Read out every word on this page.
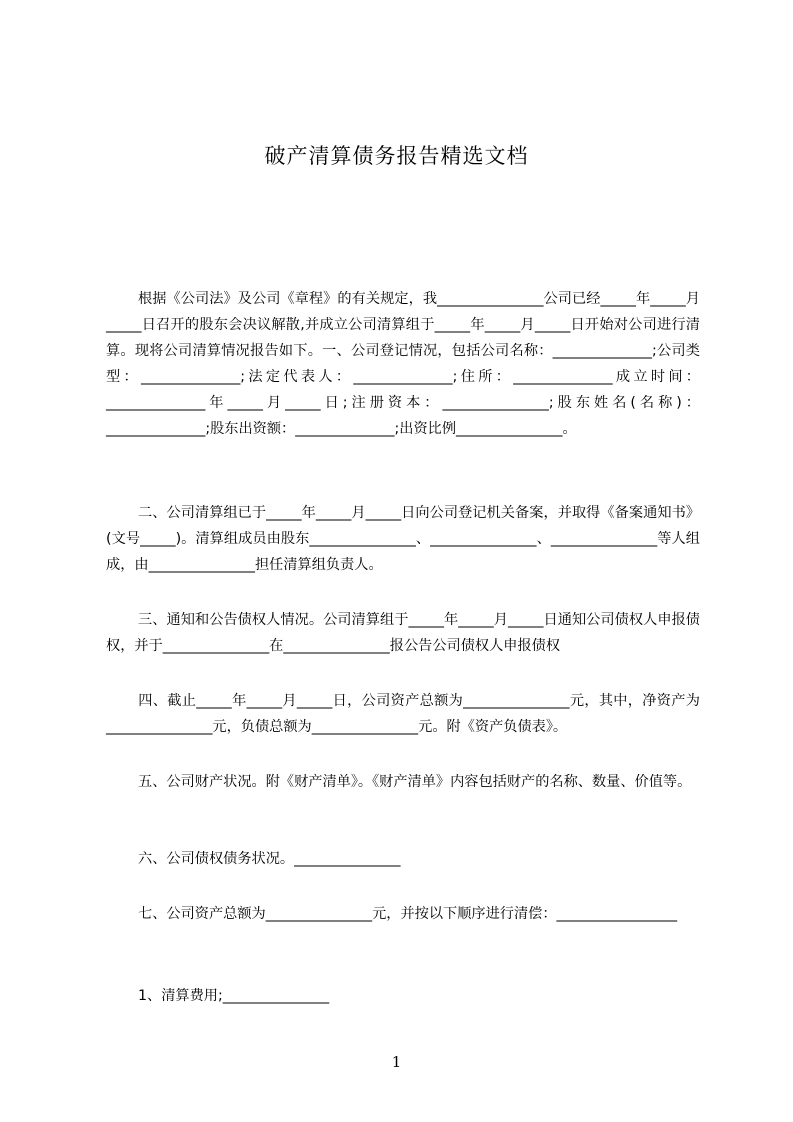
破产清算债务报告精选文档

根据《公司法》及公司《章程》的有关规定，我_______________公司已经_____年_____月_____日召开的股东会决议解散,并成立公司清算组于_____年_____月_____日开始对公司进行清算。现将公司清算情况报告如下。一、公司登记情况，包括公司名称：______________;公司类型：______________;法定代表人：______________;住所：______________成立时间：______________年_____月_____日;注册资本：_______________;股东姓名(名称)：______________;股东出资额：______________;出资比例_______________。

二、公司清算组已于_____年_____月_____日向公司登记机关备案，并取得《备案通知书》(文号_____)。清算组成员由股东_______________、_______________、_______________等人组成，由_______________担任清算组负责人。

三、通知和公告债权人情况。公司清算组于_____年_____月_____日通知公司债权人申报债权，并于_______________在_______________报公告公司债权人申报债权

四、截止_____年_____月_____日，公司资产总额为_______________元，其中，净资产为_______________元，负债总额为_______________元。附《资产负债表》。

五、公司财产状况。附《财产清单》。《财产清单》内容包括财产的名称、数量、价值等。

六、公司债权债务状况。_______________

七、公司资产总额为_______________元，并按以下顺序进行清偿：_________________

1、清算费用;_______________

1
